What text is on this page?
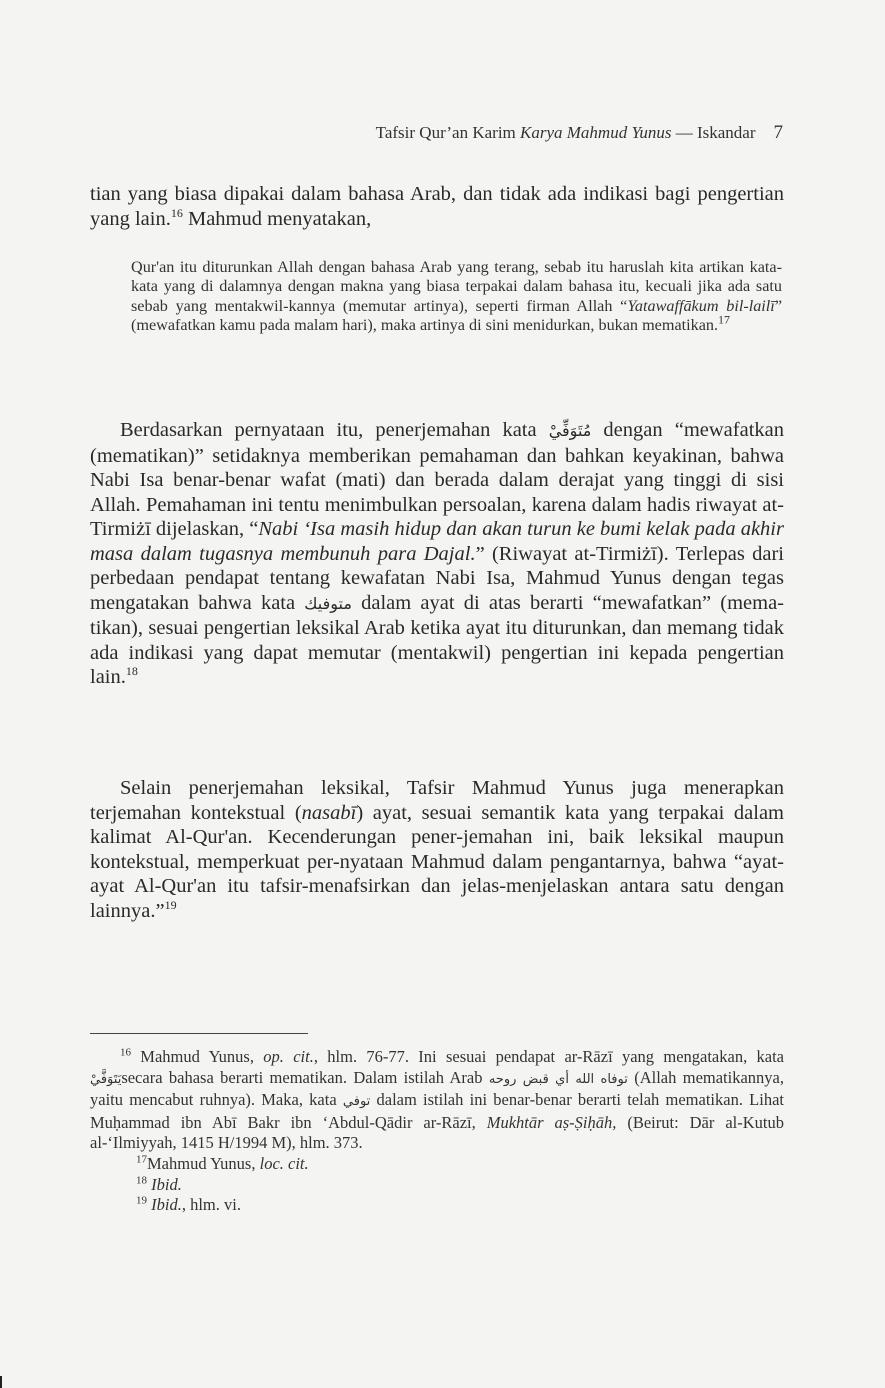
Tafsir Qur’an Karim Karya Mahmud Yunus — Iskandar 7
tian yang biasa dipakai dalam bahasa Arab, dan tidak ada indikasi bagi pengertian yang lain.$^{16}$ Mahmud menyatakan,
Qur'an itu diturunkan Allah dengan bahasa Arab yang terang, sebab itu haruslah kita artikan kata-kata yang di dalamnya dengan makna yang biasa terpakai dalam bahasa itu, kecuali jika ada satu sebab yang mentakwil-kannya (memutar artinya), seperti firman Allah “Yatawaffākum bil-lailī” (mewafatkan kamu pada malam hari), maka artinya di sini menidurkan, bukan mematikan.$^{17}$
Berdasarkan pernyataan itu, penerjemahan kata مُتَوَفِّيْ dengan “mewafatkan (mematikan)” setidaknya memberikan pemahaman dan bahkan keyakinan, bahwa Nabi Isa benar-benar wafat (mati) dan berada dalam derajat yang tinggi di sisi Allah. Pemahaman ini tentu menimbulkan persoalan, karena dalam hadis riwayat at-Tirmiżī dijelaskan, “Nabi ‘Isa masih hidup dan akan turun ke bumi kelak pada akhir masa dalam tugasnya membunuh para Dajal.” (Riwayat at-Tirmiżī). Terlepas dari perbedaan pendapat tentang kewafatan Nabi Isa, Mahmud Yunus dengan tegas mengatakan bahwa kata متوفيك dalam ayat di atas berarti “mewafatkan” (mema-tikan), sesuai pengertian leksikal Arab ketika ayat itu diturunkan, dan memang tidak ada indikasi yang dapat memutar (mentakwil) pengertian ini kepada pengertian lain.$^{18}$
Selain penerjemahan leksikal, Tafsir Mahmud Yunus juga menerapkan terjemahan kontekstual (nasabī) ayat, sesuai semantik kata yang terpakai dalam kalimat Al-Qur'an. Kecenderungan pener-jemahan ini, baik leksikal maupun kontekstual, memperkuat per-nyataan Mahmud dalam pengantarnya, bahwa “ayat-ayat Al-Qur'an itu tafsir-menafsirkan dan jelas-menjelaskan antara satu dengan lainnya.”$^{19}$

$^{16}$ Mahmud Yunus, op. cit., hlm. 76-77. Ini sesuai pendapat ar-Rāzī yang mengatakan, kata يَتَوَفَّيْsecara bahasa berarti mematikan. Dalam istilah Arab توفاه الله أي قبض روحه (Allah mematikannya, yaitu mencabut ruhnya). Maka, kata توفي dalam istilah ini benar-benar berarti telah mematikan. Lihat Muḥammad ibn Abī Bakr ibn ‘Abdul-Qādir ar-Rāzī, Mukhtār aṣ-Ṣiḥāh, (Beirut: Dār al-Kutub al-‘Ilmiyyah, 1415 H/1994 M), hlm. 373.

$^{17}$Mahmud Yunus, loc. cit.

$^{18}$ Ibid.

$^{19}$ Ibid., hlm. vi.
